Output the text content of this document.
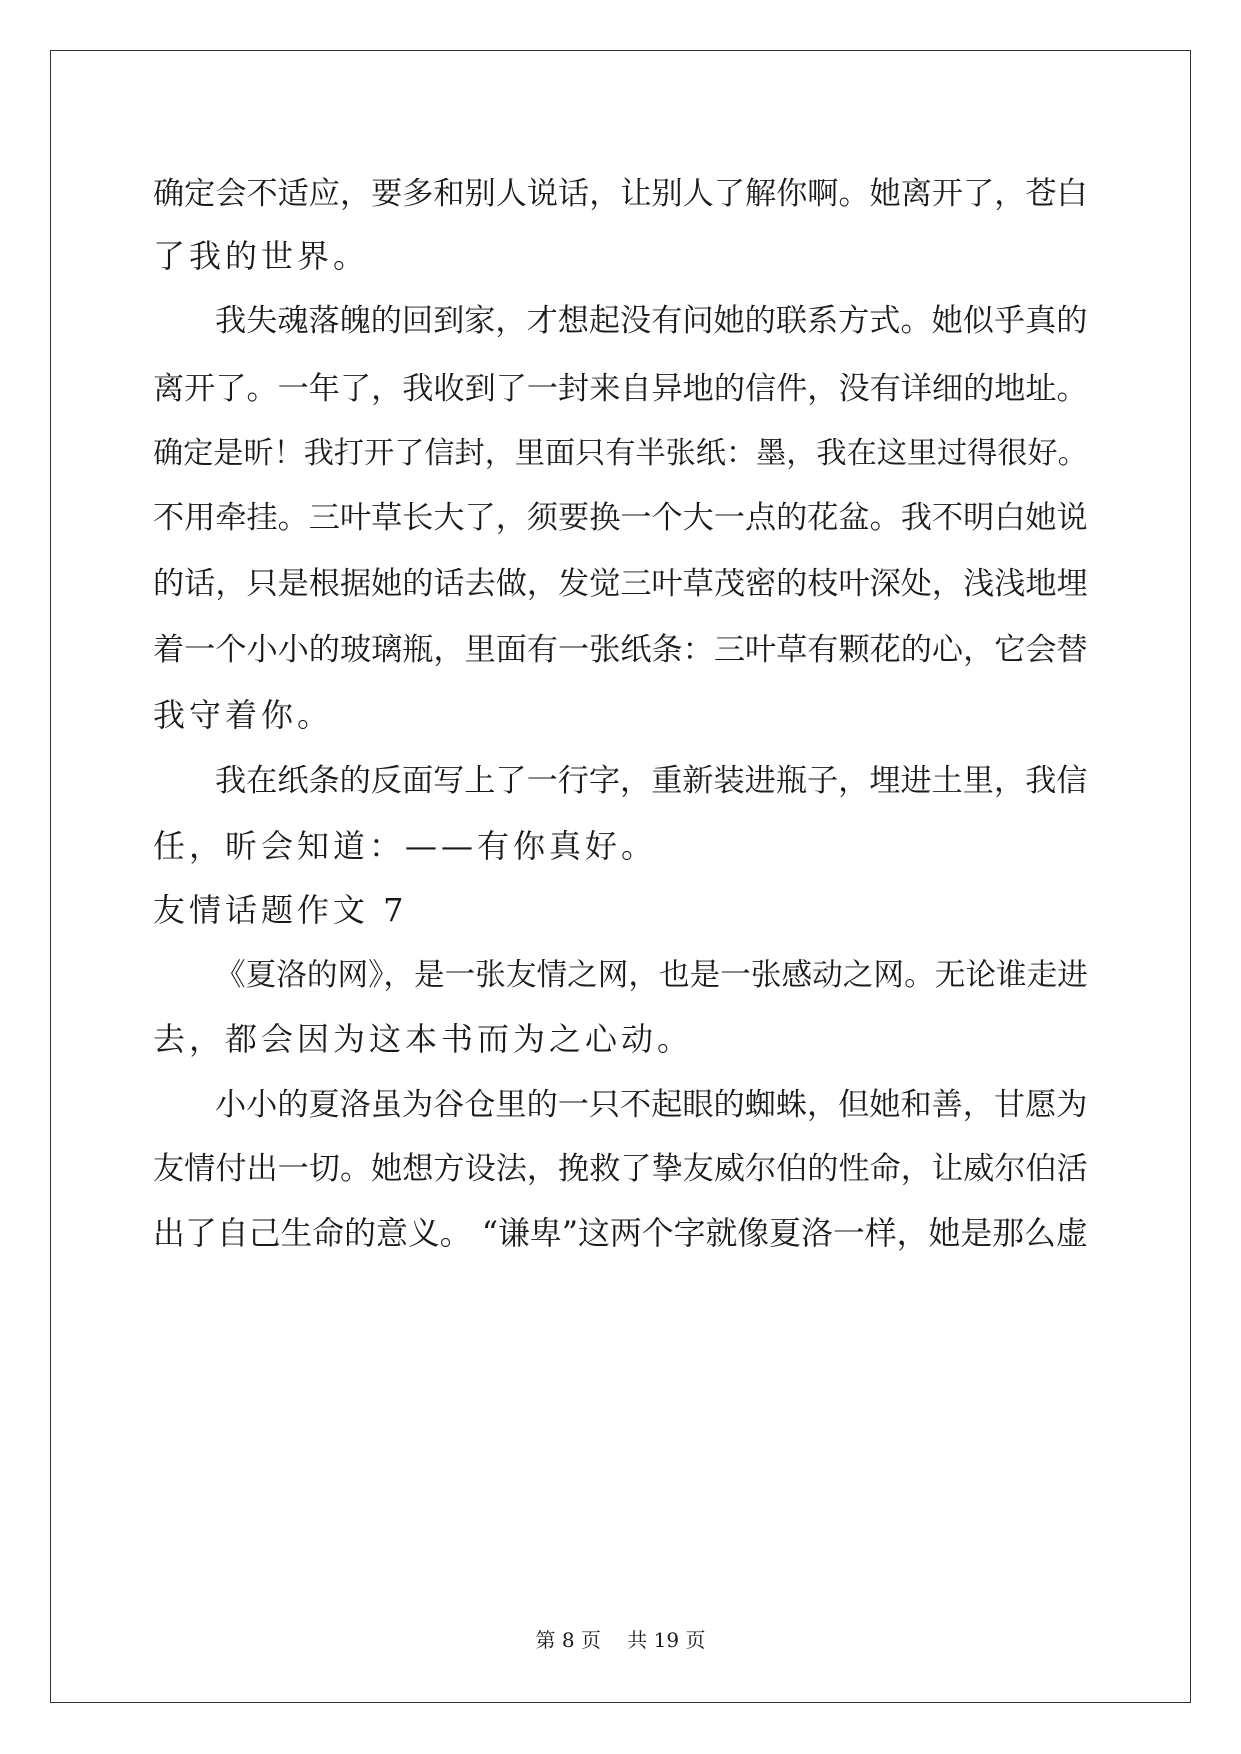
确定会不适应，要多和别人说话，让别人了解你啊。她离开了，苍白
了我的世界。
我失魂落魄的回到家，才想起没有问她的联系方式。她似乎真的
离开了。一年了，我收到了一封来自异地的信件，没有详细的地址。
确定是昕！我打开了信封，里面只有半张纸：墨，我在这里过得很好。
不用牵挂。三叶草长大了，须要换一个大一点的花盆。我不明白她说
的话，只是根据她的话去做，发觉三叶草茂密的枝叶深处，浅浅地埋
着一个小小的玻璃瓶，里面有一张纸条：三叶草有颗花的心，它会替
我守着你。
我在纸条的反面写上了一行字，重新装进瓶子，埋进土里，我信
任，昕会知道：——有你真好。
友情话题作文 7
《夏洛的网》，是一张友情之网，也是一张感动之网。无论谁走进
去，都会因为这本书而为之心动。
小小的夏洛虽为谷仓里的一只不起眼的蜘蛛，但她和善，甘愿为
友情付出一切。她想方设法，挽救了挚友威尔伯的性命，让威尔伯活
出了自己生命的意义。 “谦卑”这两个字就像夏洛一样，她是那么虚
第 8 页　 共 19 页
